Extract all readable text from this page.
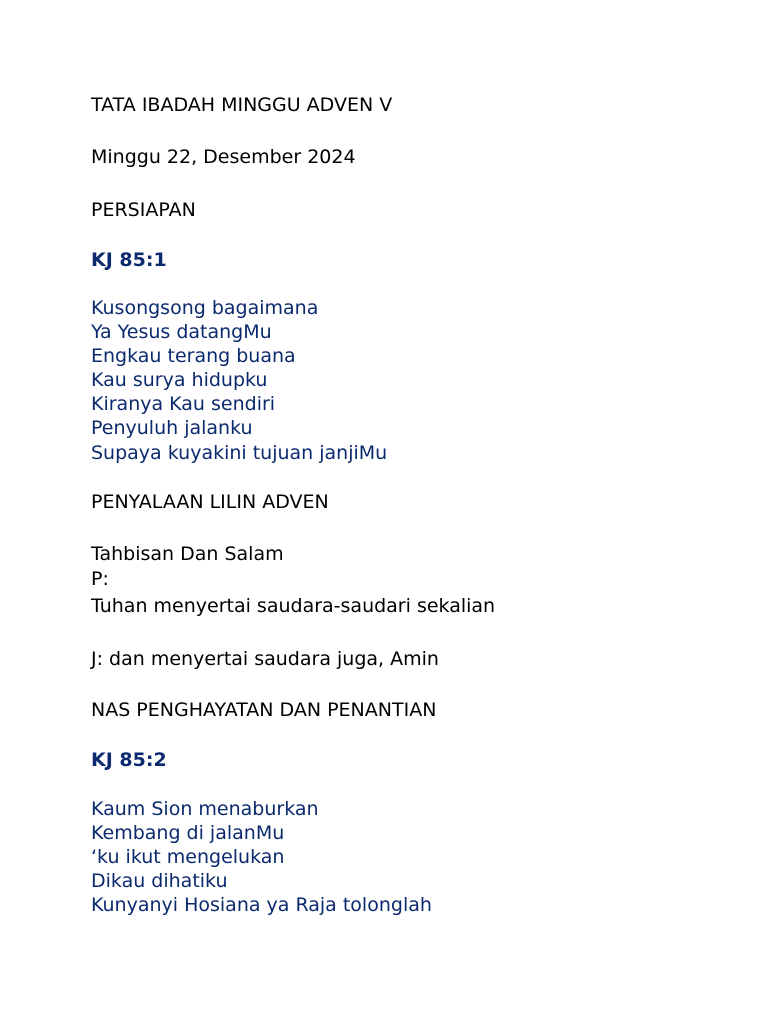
TATA IBADAH MINGGU ADVEN V
Minggu 22, Desember 2024
PERSIAPAN
KJ 85:1
Kusongsong bagaimana
Ya Yesus datangMu
Engkau terang buana
Kau surya hidupku
Kiranya Kau sendiri
Penyuluh jalanku
Supaya kuyakini tujuan janjiMu
PENYALAAN LILIN ADVEN
Tahbisan Dan Salam
P:
Tuhan menyertai saudara-saudari sekalian
J: dan menyertai saudara juga, Amin
NAS PENGHAYATAN DAN PENANTIAN
KJ 85:2
Kaum Sion menaburkan
Kembang di jalanMu
‘ku ikut mengelukan
Dikau dihatiku
Kunyanyi Hosiana ya Raja tolonglah
